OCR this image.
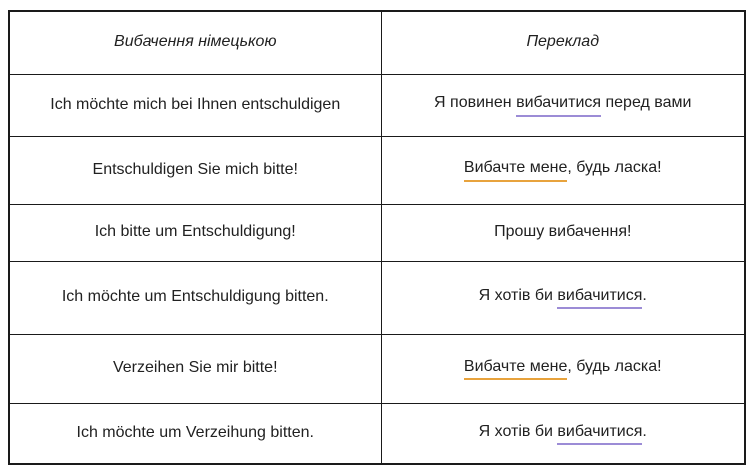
Вибачення німецькою	Переклад
Ich möchte mich bei Ihnen entschuldigen	Я повинен вибачитися перед вами
Entschuldigen Sie mich bitte!	Вибачте мене, будь ласка!
Ich bitte um Entschuldigung!	Прошу вибачення!
Ich möchte um Entschuldigung bitten.	Я хотів би вибачитися.
Verzeihen Sie mir bitte!	Вибачте мене, будь ласка!
Ich möchte um Verzeihung bitten.	Я хотів би вибачитися.
